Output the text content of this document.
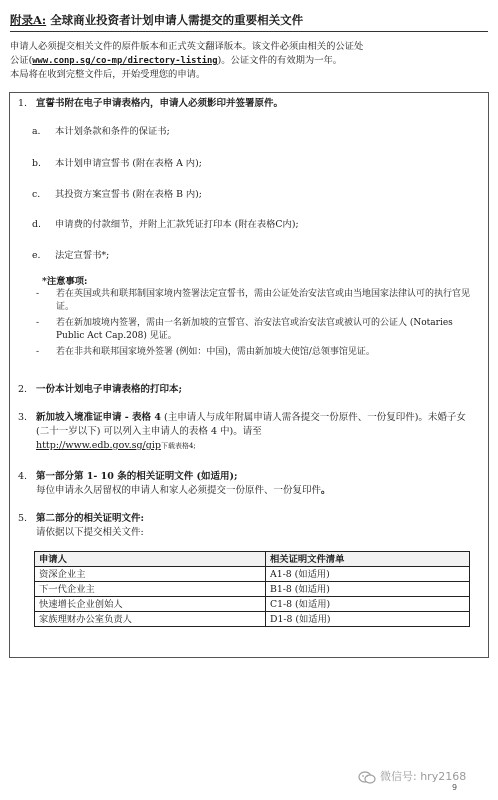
附录A: 全球商业投资者计划申请人需提交的重要相关文件
申请人必须提交相关文件的原件版本和正式英文翻译版本。该文件必须由相关的公证处
公证(www.conp.sg/co-mp/directory-listing)。公证文件的有效期为一年。
本局将在收到完整文件后，开始受理您的申请。
1. 宣誓书附在电子申请表格内，申请人必须影印并签署原件。
a. 本计划条款和条件的保证书;
b. 本计划申请宣誓书 (附在表格 A 内);
c. 其投资方案宣誓书 (附在表格 B 内);
d. 申请费的付款细节，并附上汇款凭证打印本 (附在表格C内);
e. 法定宣誓书*;
*注意事项:
- 若在英国或共和联邦制国家境内签署法定宣誓书，需由公证处治安法官或由当地国家法律认可的执行官见证。
- 若在新加坡境内签署，需由一名新加坡的宣誓官、治安法官或治安法官或被认可的公证人 (Notaries Public Act Cap.208) 见证。
- 若在非共和联邦国家境外签署 (例如：中国)，需由新加坡大使馆/总领事馆见证。
2. 一份本计划电子申请表格的打印本;
3. 新加坡入境准证申请 - 表格 4 (主申请人与成年附属申请人需各提交一份原件、一份复印件)。未婚子女 (二十一岁以下) 可以列入主申请人的表格 4 中)。请至
http://www.edb.gov.sg/gip下载表格4;
4. 第一部分第 1- 10 条的相关证明文件 (如适用);
每位申请永久居留权的申请人和家人必须提交一份原件、一份复印件。
5. 第二部分的相关证明文件:
请依据以下提交相关文件:
申请人	相关证明文件清单
资深企业主	A1-8 (如适用)
下一代企业主	B1-8 (如适用)
快速增长企业创始人	C1-8 (如适用)
家族理财办公室负责人	D1-8 (如适用)
微信号: hry2168
9
